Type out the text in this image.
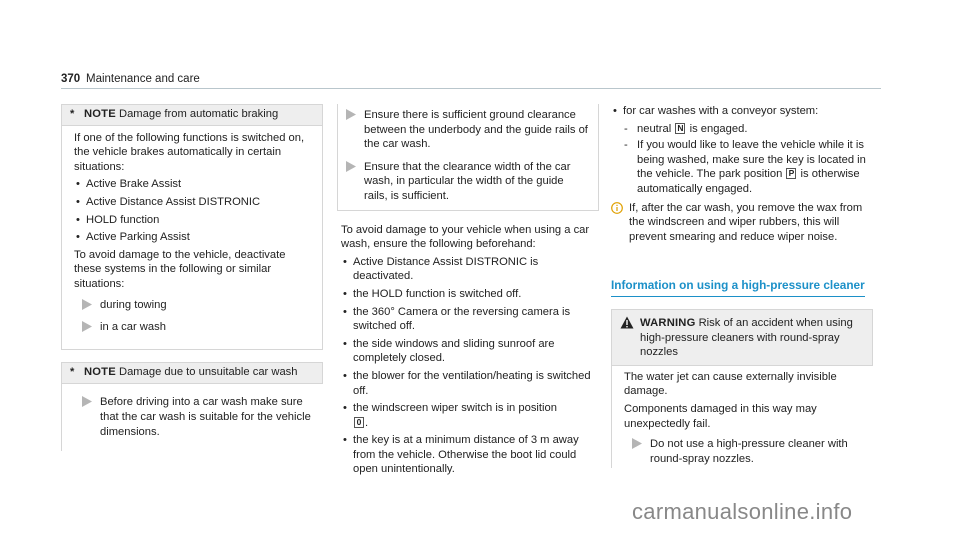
370 Maintenance and care
* NOTE Damage from automatic braking

If one of the following functions is switched on, the vehicle brakes automatically in certain situations:

• Active Brake Assist
• Active Distance Assist DISTRONIC
• HOLD function
• Active Parking Assist

To avoid damage to the vehicle, deactivate these systems in the following or similar situations:

during towing
in a car wash
* NOTE Damage due to unsuitable car wash
Before driving into a car wash make sure that the car wash is suitable for the vehicle dimensions.
Ensure there is sufficient ground clearance between the underbody and the guide rails of the car wash.
Ensure that the clearance width of the car wash, in particular the width of the guide rails, is sufficient.

To avoid damage to your vehicle when using a car wash, ensure the following beforehand:

• Active Distance Assist DISTRONIC is deactivated.
• the HOLD function is switched off.
• the 360° Camera or the reversing camera is switched off.
• the side windows and sliding sunroof are completely closed.
• the blower for the ventilation/heating is switched off.
• the windscreen wiper switch is in position
0 .
• the key is at a minimum distance of 3 m away from the vehicle. Otherwise the boot lid could open unintentionally.
• for car washes with a conveyor system:
- neutral N is engaged.
- If you would like to leave the vehicle while it is being washed, make sure the key is located in the vehicle. The park position P is otherwise automatically engaged.
If, after the car wash, you remove the wax from the windscreen and wiper rubbers, this will prevent smearing and reduce wiper noise.
Information on using a high-pressure cleaner
WARNING Risk of an accident when using high-pressure cleaners with round-spray nozzles

The water jet can cause externally invisible damage.

Components damaged in this way may unexpectedly fail.

Do not use a high-pressure cleaner with round-spray nozzles.
carmanualsonline.info
